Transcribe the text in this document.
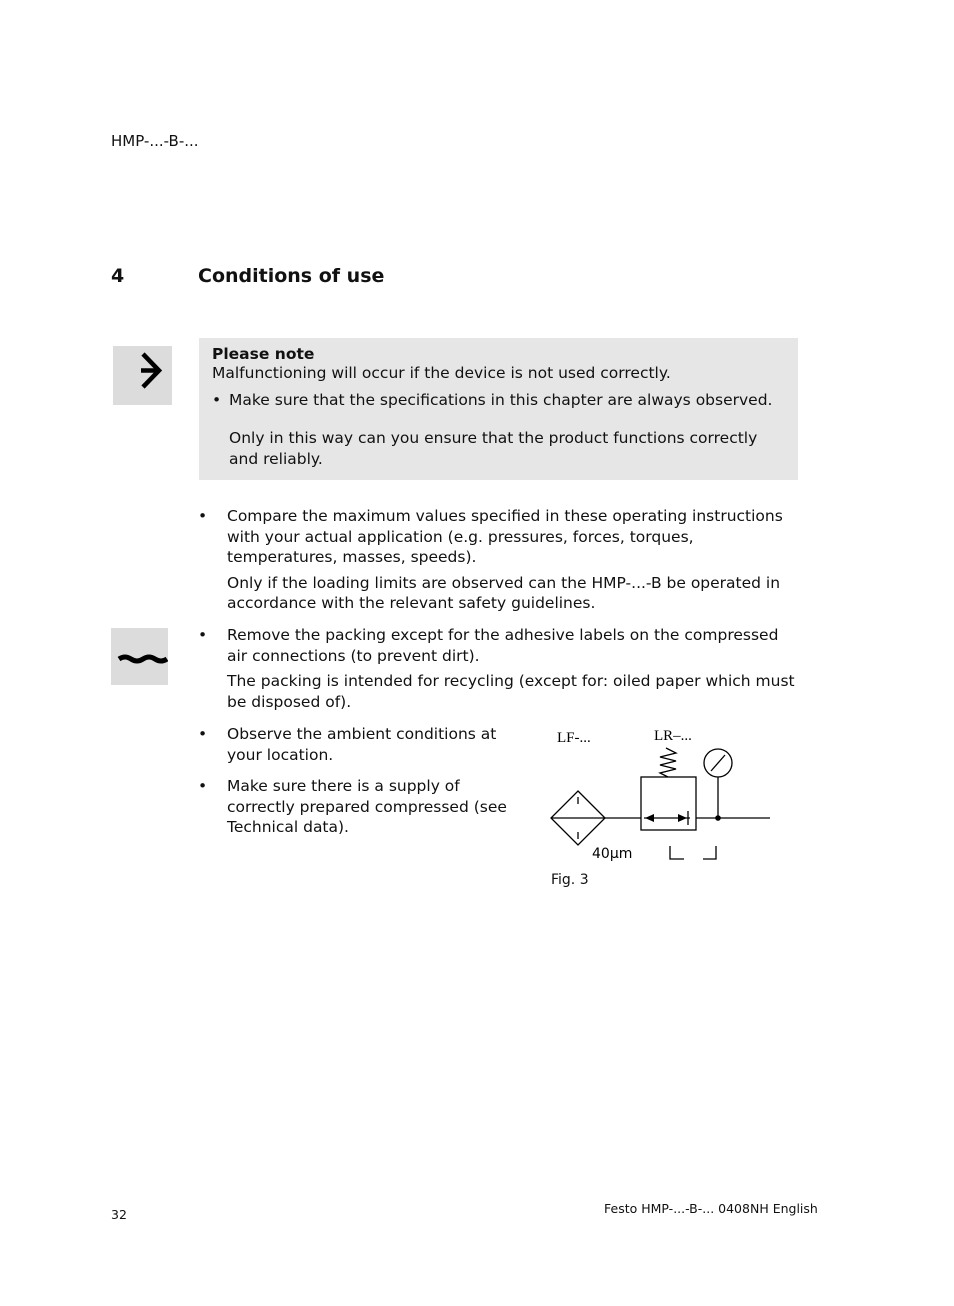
HMP-...-B-...
4	Conditions of use
Please note
Malfunctioning will occur if the device is not used correctly.
• Make sure that the specifications in this chapter are always observed.
Only in this way can you ensure that the product functions correctly and reliably.
• Compare the maximum values specified in these operating instructions with your actual application (e.g. pressures, forces, torques, temperatures, masses, speeds).
Only if the loading limits are observed can the HMP-...-B be operated in accordance with the relevant safety guidelines.
• Remove the packing except for the adhesive labels on the compressed air connections (to prevent dirt).
The packing is intended for recycling (except for: oiled paper which must be disposed of).
• Observe the ambient conditions at your location.
• Make sure there is a supply of correctly prepared compressed (see Technical data).
LF-...	LR–...
40µm
Fig. 3
32	Festo HMP-...-B-... 0408NH English
